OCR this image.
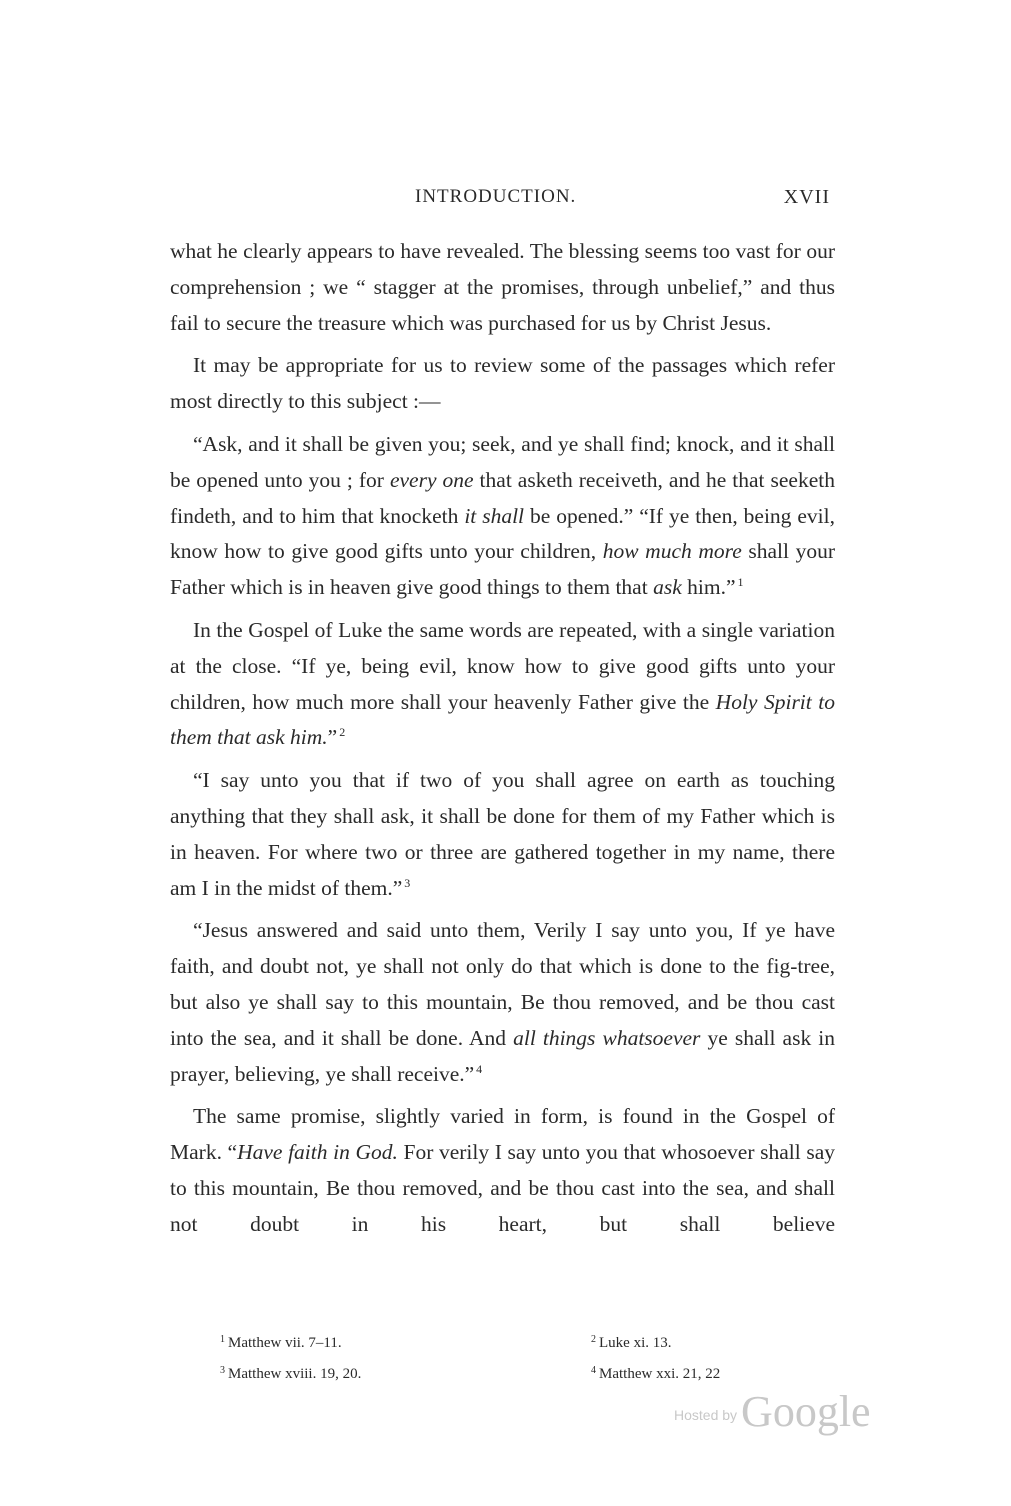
INTRODUCTION.	XVII

what he clearly appears to have revealed. The blessing seems too vast for our comprehension ; we “ stagger at the promises, through unbelief,” and thus fail to secure the treasure which was purchased for us by Christ Jesus.

It may be appropriate for us to review some of the passages which refer most directly to this subject :—

“Ask, and it shall be given you; seek, and ye shall find; knock, and it shall be opened unto you ; for every one that asketh receiveth, and he that seeketh findeth, and to him that knocketh it shall be opened.” “If ye then, being evil, know how to give good gifts unto your children, how much more shall your Father which is in heaven give good things to them that ask him.” $^1$

In the Gospel of Luke the same words are repeated, with a single variation at the close. “If ye, being evil, know how to give good gifts unto your children, how much more shall your heavenly Father give the Holy Spirit to them that ask him.” $^2$

“I say unto you that if two of you shall agree on earth as touching anything that they shall ask, it shall be done for them of my Father which is in heaven. For where two or three are gathered together in my name, there am I in the midst of them.” $^3$

“Jesus answered and said unto them, Verily I say unto you, If ye have faith, and doubt not, ye shall not only do that which is done to the fig-tree, but also ye shall say to this mountain, Be thou removed, and be thou cast into the sea, and it shall be done. And all things whatsoever ye shall ask in prayer, believing, ye shall receive.” $^4$

The same promise, slightly varied in form, is found in the Gospel of Mark. “Have faith in God. For verily I say unto you that whosoever shall say to this mountain, Be thou removed, and be thou cast into the sea, and shall not doubt in his heart, but shall believe

$^1$ Matthew vii. 7–11.	$^2$ Luke xi. 13.
$^3$ Matthew xviii. 19, 20.	$^4$ Matthew xxi. 21, 22
Hosted by Google
